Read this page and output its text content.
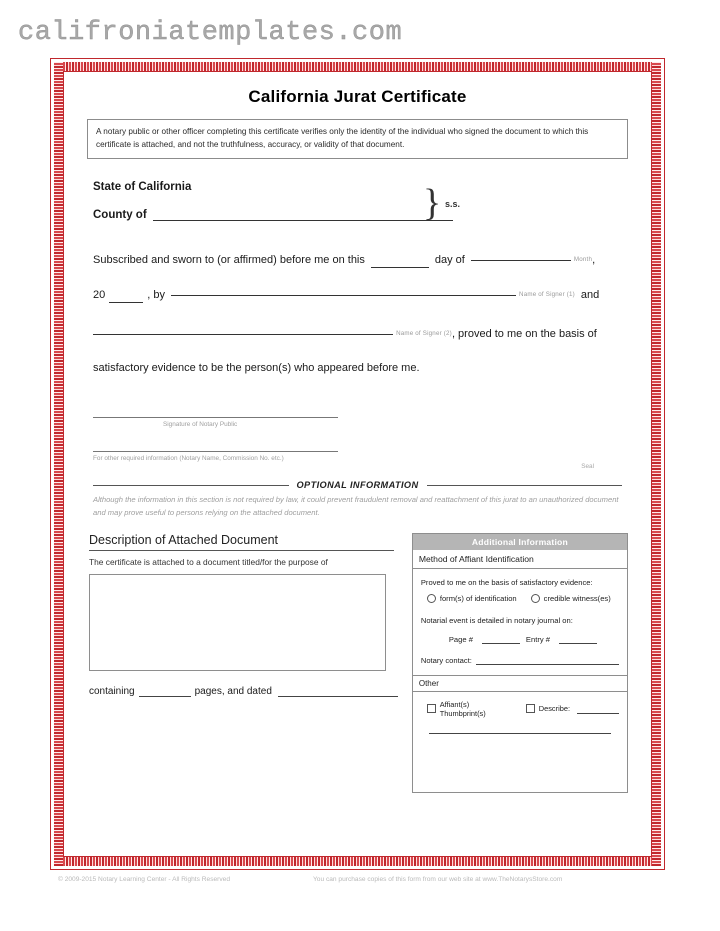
califroniatemplates.com
California Jurat Certificate
A notary public or other officer completing this certificate verifies only the identity of the individual who signed the document to which this certificate is attached, and not the truthfulness, accuracy, or validity of that document.
State of California
County of	} s.s.
Subscribed and sworn to (or affirmed) before me on this	day of	Month ,
20	, by	Name of Signer (1) and
Name of Signer (2) , proved to me on the basis of
satisfactory evidence to be the person(s) who appeared before me.
Signature of Notary Public
For other required information (Notary Name, Commission No. etc.)
Seal
OPTIONAL INFORMATION
Although the information in this section is not required by law, it could prevent fraudulent removal and reattachment of this jurat to an unauthorized document and may prove useful to persons relying on the attached document.
Description of Attached Document
The certificate is attached to a document titled/for the purpose of
containing	pages, and dated
Additional Information
Method of Affiant Identification
Proved to me on the basis of satisfactory evidence:
form(s) of identification	credible witness(es)
Notarial event is detailed in notary journal on:
Page #	Entry #
Notary contact:
Other
Affiant(s) Thumbprint(s)	Describe:
© 2009-2015 Notary Learning Center - All Rights Reserved	You can purchase copies of this form from our web site at www.TheNotarysStore.com
